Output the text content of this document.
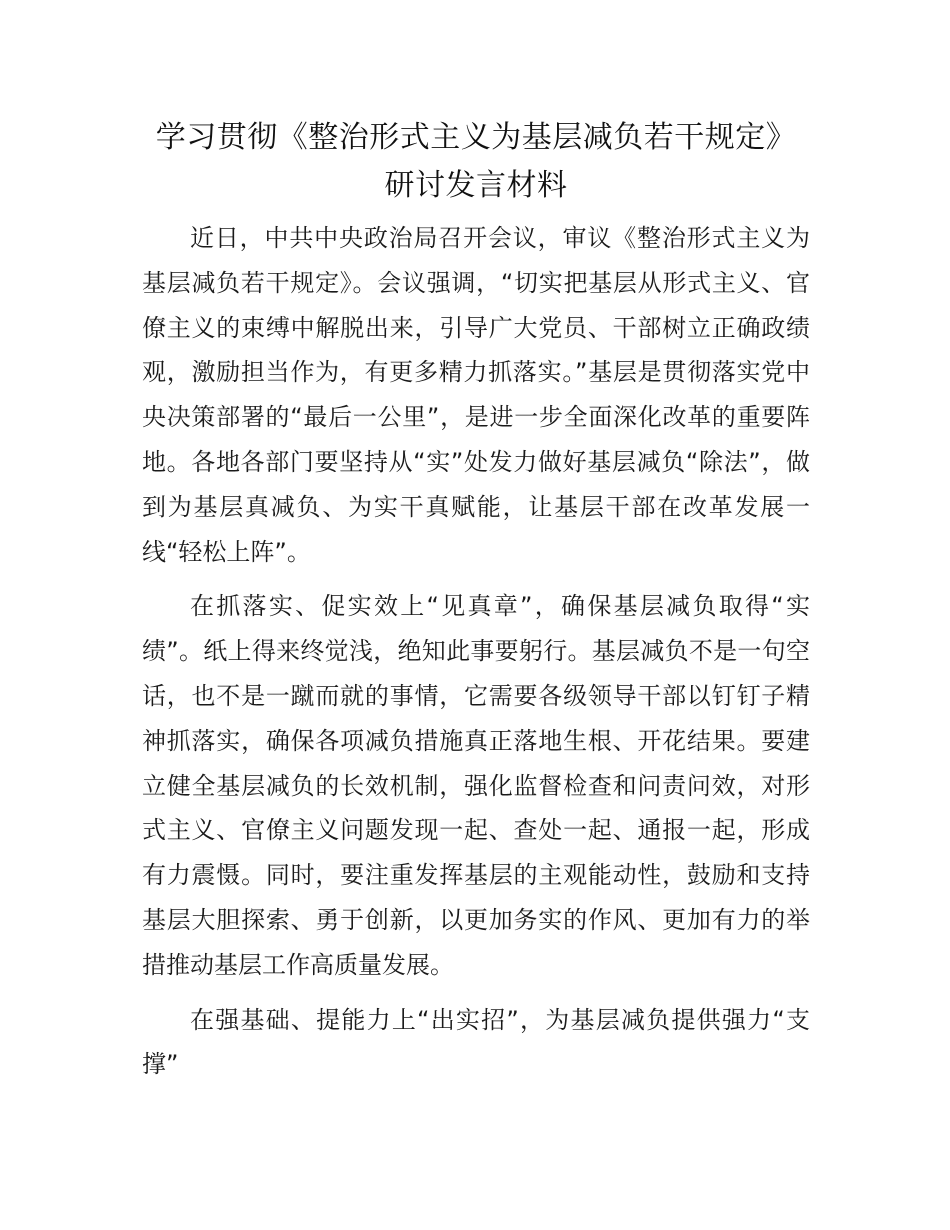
学习贯彻《整治形式主义为基层减负若干规定》研讨发言材料

近日，中共中央政治局召开会议，审议《整治形式主义为基层减负若干规定》。会议强调，“切实把基层从形式主义、官僚主义的束缚中解脱出来，引导广大党员、干部树立正确政绩观，激励担当作为，有更多精力抓落实。”基层是贯彻落实党中央决策部署的“最后一公里”，是进一步全面深化改革的重要阵地。各地各部门要坚持从“实”处发力做好基层减负“除法”，做到为基层真减负、为实干真赋能，让基层干部在改革发展一线“轻松上阵”。

在抓落实、促实效上“见真章”，确保基层减负取得“实绩”。纸上得来终觉浅，绝知此事要躬行。基层减负不是一句空话，也不是一蹴而就的事情，它需要各级领导干部以钉钉子精神抓落实，确保各项减负措施真正落地生根、开花结果。要建立健全基层减负的长效机制，强化监督检查和问责问效，对形式主义、官僚主义问题发现一起、查处一起、通报一起，形成有力震慑。同时，要注重发挥基层的主观能动性，鼓励和支持基层大胆探索、勇于创新，以更加务实的作风、更加有力的举措推动基层工作高质量发展。

在强基础、提能力上“出实招”，为基层减负提供强力“支撑”
